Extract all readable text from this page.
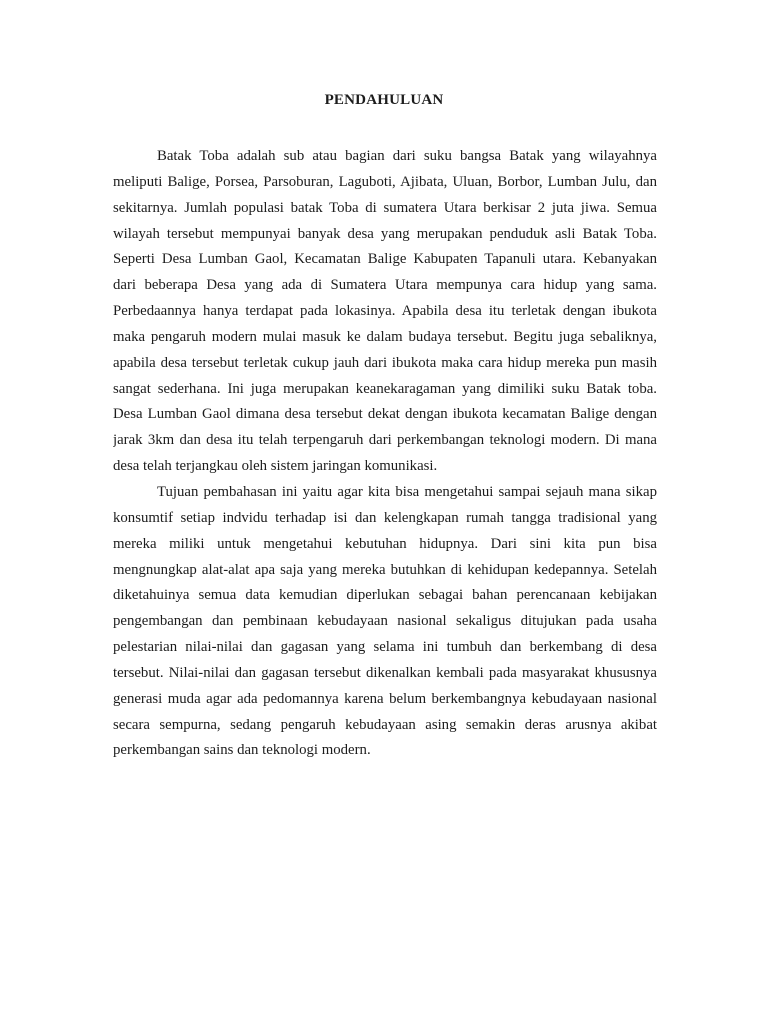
PENDAHULUAN
Batak Toba adalah sub atau bagian dari suku bangsa Batak yang wilayahnya
meliputi Balige, Porsea, Parsoburan, Laguboti, Ajibata, Uluan, Borbor, Lumban Julu, dan
sekitarnya. Jumlah populasi batak Toba di sumatera Utara berkisar 2 juta jiwa. Semua
wilayah tersebut mempunyai banyak desa yang merupakan penduduk asli Batak Toba.
Seperti Desa Lumban Gaol, Kecamatan Balige Kabupaten Tapanuli utara. Kebanyakan
dari beberapa Desa yang ada di Sumatera Utara mempunya cara hidup yang sama.
Perbedaannya hanya terdapat pada lokasinya. Apabila desa itu terletak dengan ibukota
maka pengaruh modern mulai masuk ke dalam budaya tersebut. Begitu juga sebaliknya,
apabila desa tersebut terletak cukup jauh dari ibukota maka cara hidup mereka pun masih
sangat sederhana. Ini juga merupakan keanekaragaman yang dimiliki suku Batak toba.
Desa Lumban Gaol dimana desa tersebut dekat dengan ibukota kecamatan Balige dengan
jarak 3km dan desa itu telah terpengaruh dari perkembangan teknologi modern. Di mana
desa telah terjangkau oleh sistem jaringan komunikasi.
Tujuan pembahasan ini yaitu agar kita bisa mengetahui sampai sejauh mana sikap
konsumtif setiap indvidu terhadap isi dan kelengkapan rumah tangga tradisional yang
mereka miliki untuk mengetahui kebutuhan hidupnya. Dari sini kita pun bisa
mengnungkap alat-alat apa saja yang mereka butuhkan di kehidupan kedepannya. Setelah
diketahuinya semua data kemudian diperlukan sebagai bahan perencanaan kebijakan
pengembangan dan pembinaan kebudayaan nasional sekaligus ditujukan pada usaha
pelestarian nilai-nilai dan gagasan yang selama ini tumbuh dan berkembang di desa
tersebut. Nilai-nilai dan gagasan tersebut dikenalkan kembali pada masyarakat khususnya
generasi muda agar ada pedomannya karena belum berkembangnya kebudayaan nasional
secara sempurna, sedang pengaruh kebudayaan asing semakin deras arusnya akibat
perkembangan sains dan teknologi modern.
